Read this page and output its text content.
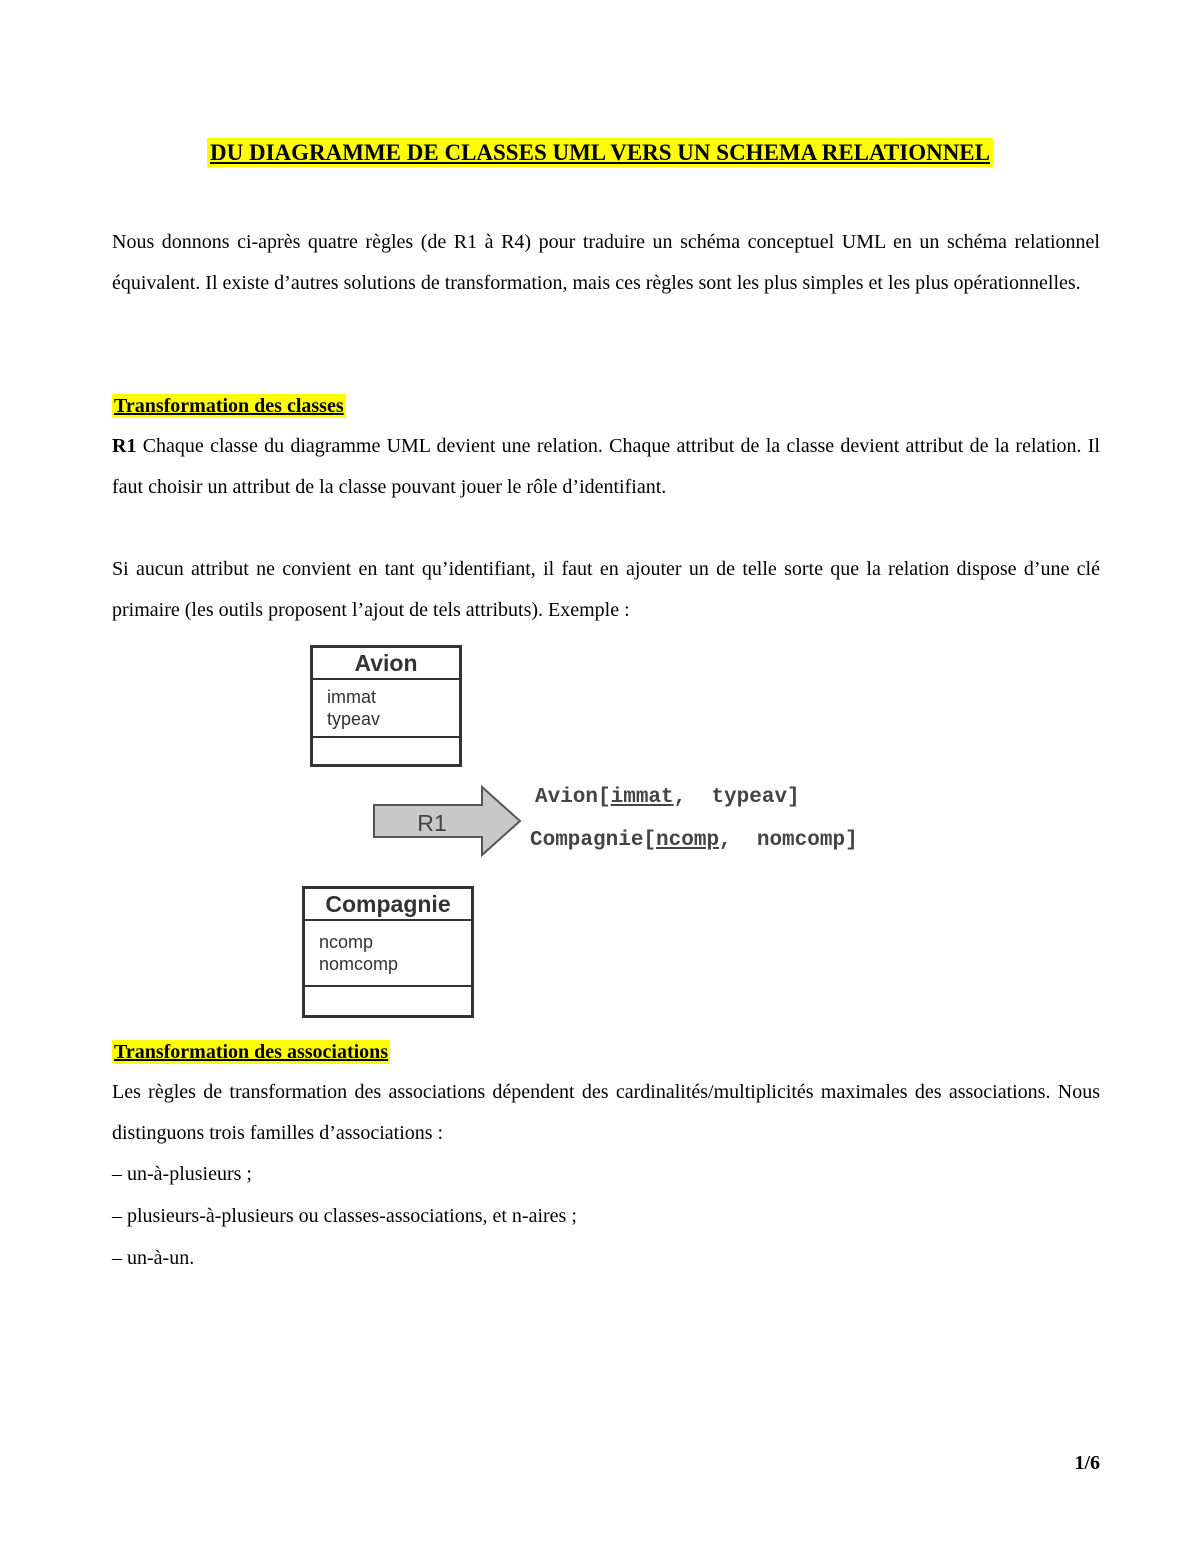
DU DIAGRAMME DE CLASSES UML VERS UN SCHEMA RELATIONNEL

Nous donnons ci-après quatre règles (de R1 à R4) pour traduire un schéma conceptuel UML en un schéma relationnel équivalent. Il existe d’autres solutions de transformation, mais ces règles sont les plus simples et les plus opérationnelles.

Transformation des classes

R1 Chaque classe du diagramme UML devient une relation. Chaque attribut de la classe devient attribut de la relation. Il faut choisir un attribut de la classe pouvant jouer le rôle d’identifiant.

Si aucun attribut ne convient en tant qu’identifiant, il faut en ajouter un de telle sorte que la relation dispose d’une clé primaire (les outils proposent l’ajout de tels attributs). Exemple :

Avion
immat
typeav
R1
Avion[immat,  typeav]
Compagnie[ncomp,  nomcomp]
Compagnie
ncomp
nomcomp
Transformation des associations

Les règles de transformation des associations dépendent des cardinalités/multiplicités maximales des associations. Nous distinguons trois familles d’associations :

– un-à-plusieurs ;
– plusieurs-à-plusieurs ou classes-associations, et n-aires ;
– un-à-un.
1/6
